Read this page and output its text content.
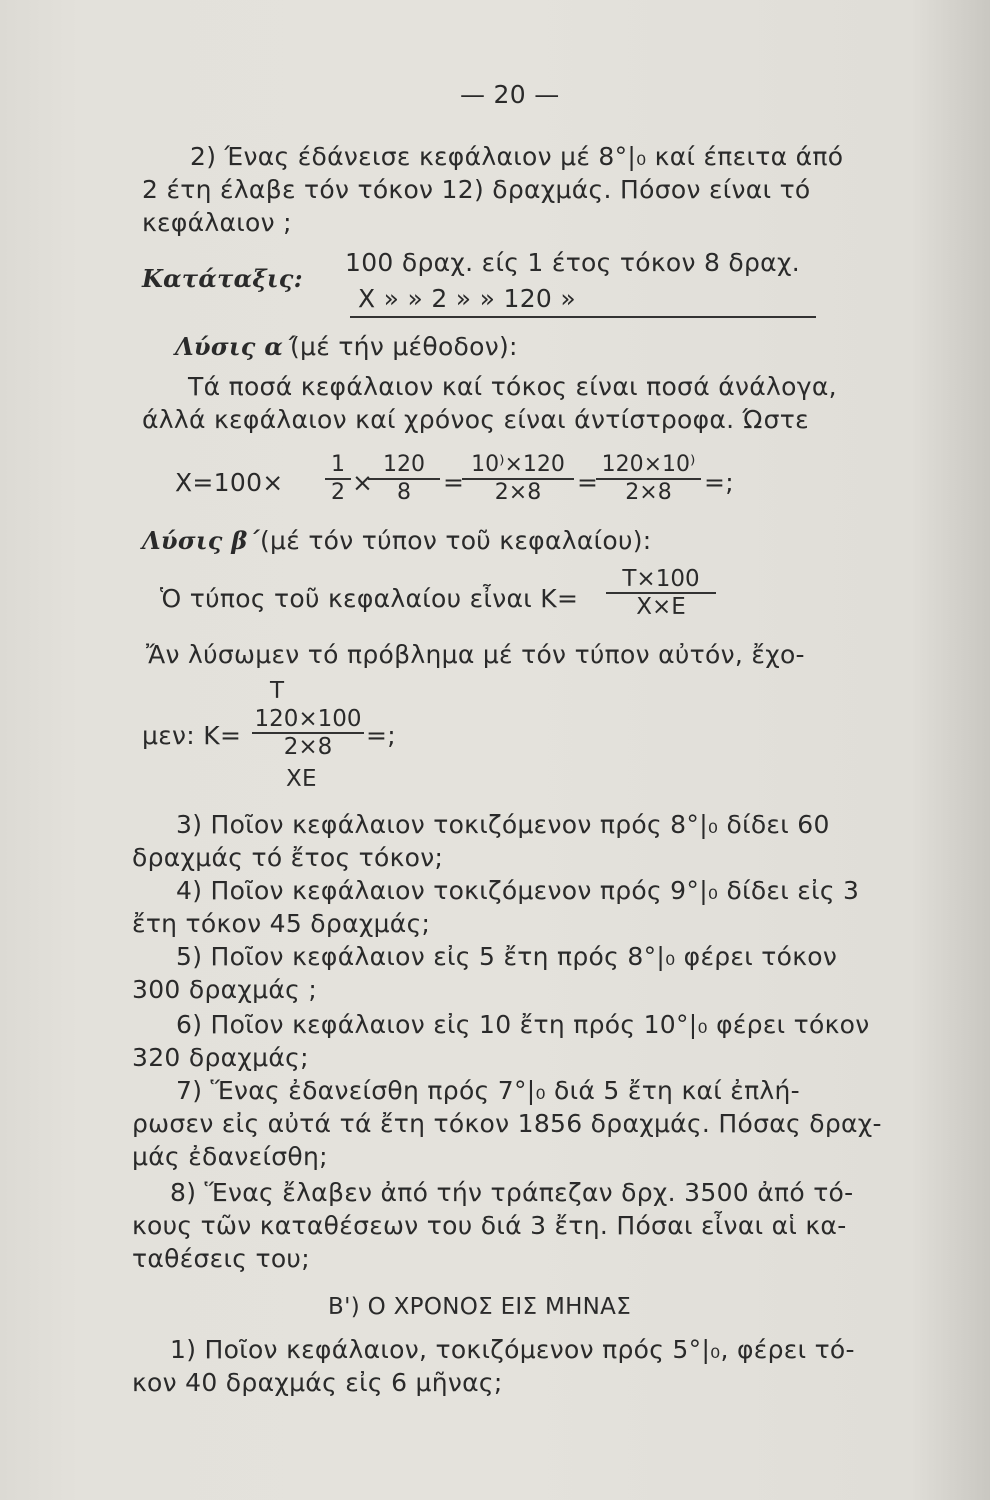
— 20 —
2) Ένας έδάνεισε κεφάλαιον μέ 8°|₀ καί έπειτα άπό
2 έτη έλαβε τόν τόκον 12) δραχμάς. Πόσον είναι τό
κεφάλαιον ;
Κατάταξις:
100 δραχ. είς 1 έτος τόκον 8 δραχ.
Χ » » 2 » » 120 »
Λύσις α΄
(μέ τήν μέθοδον):
Τά ποσά κεφάλαιον καί τόκος είναι ποσά άνάλογα,
άλλά κεφάλαιον καί χρόνος είναι άντίστροφα. Ώστε
$X=100\times \frac{1}{2}$ ×
$\frac{120}{8}$ =
$\frac{10^)\times 120}{2\times 8}$ =
$\frac{120\times 10^)}{2\times 8}$ =;
Λύσις β΄ (μέ τόν τύπον τοῦ κεφαλαίου):
Ὁ τύπος τοῦ κεφαλαίου εἶναι $K= \frac{T\times 100}{X\times E}$
Ἄν λύσωμεν τό πρόβλημα μέ τόν τύπον αὐτόν, ἔχο-
μεν: Κ=
Τ
$\frac{120\times 100}{2\times 8}$ =;
ΧΕ
3) Ποῖον κεφάλαιον τοκιζόμενον πρός 8°|₀ δίδει 60
δραχμάς τό ἔτος τόκον;
4) Ποῖον κεφάλαιον τοκιζόμενον πρός 9°|₀ δίδει εἰς 3
ἔτη τόκον 45 δραχμάς;
5) Ποῖον κεφάλαιον εἰς 5 ἔτη πρός 8°|₀ φέρει τόκον
300 δραχμάς ;
6) Ποῖον κεφάλαιον εἰς 10 ἔτη πρός 10°|₀ φέρει τόκον
320 δραχμάς;
7) Ἕνας ἐδανείσθη πρός 7°|₀ διά 5 ἔτη καί ἐπλή-
ρωσεν εἰς αὐτά τά ἔτη τόκον 1856 δραχμάς. Πόσας δραχ-
μάς ἐδανείσθη;
8) Ἕνας ἔλαβεν ἀπό τήν τράπεζαν δρχ. 3500 ἀπό τό-
κους τῶν καταθέσεων του διά 3 ἔτη. Πόσαι εἶναι αἱ κα-
ταθέσεις του;
Β') Ο ΧΡΟΝΟΣ ΕΙΣ ΜΗΝΑΣ
1) Ποῖον κεφάλαιον, τοκιζόμενον πρός 5°|₀, φέρει τό-
κον 40 δραχμάς εἰς 6 μῆνας;
